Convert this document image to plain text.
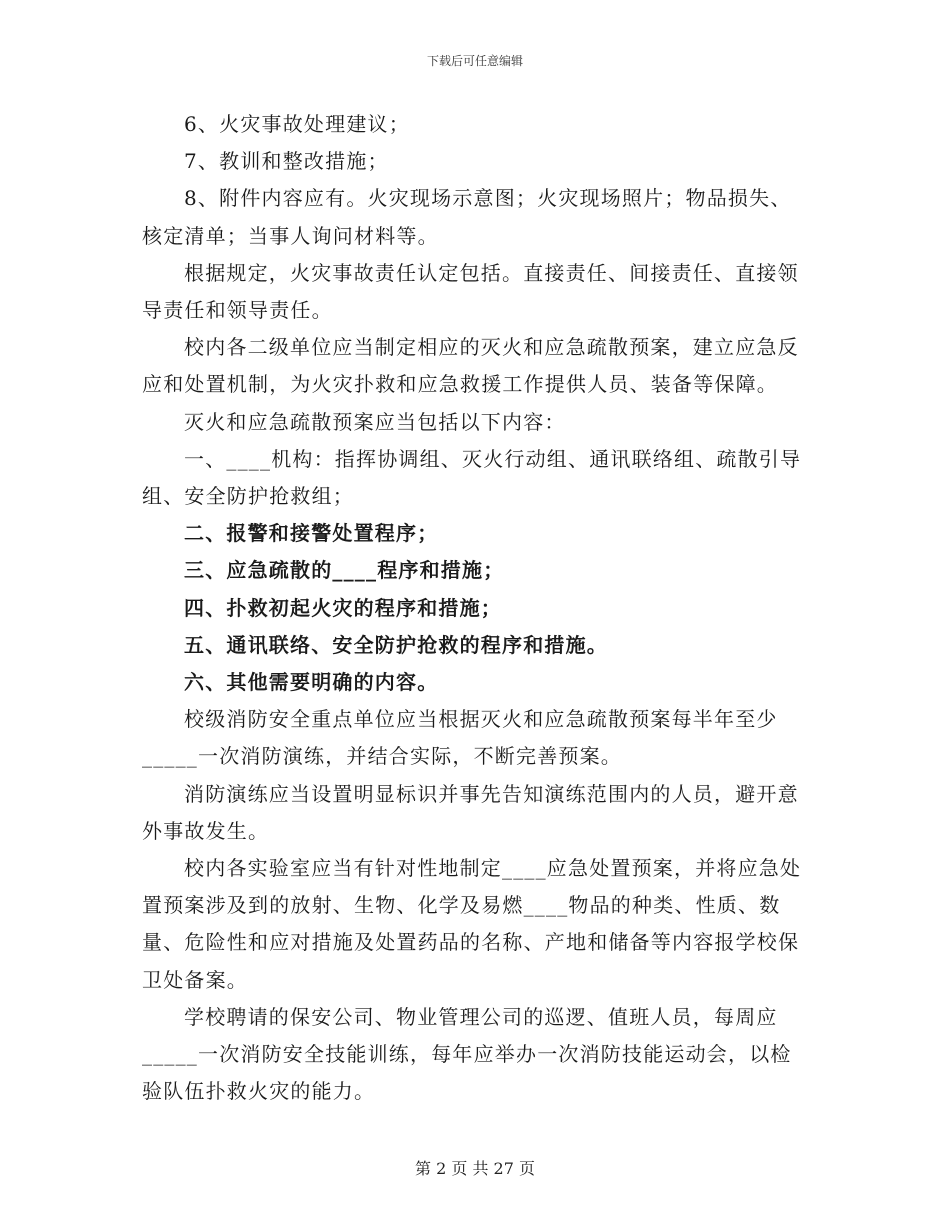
下载后可任意编辑

6、火灾事故处理建议；

7、教训和整改措施；

8、附件内容应有。火灾现场示意图；火灾现场照片；物品损失、核定清单；当事人询问材料等。

根据规定，火灾事故责任认定包括。直接责任、间接责任、直接领导责任和领导责任。

校内各二级单位应当制定相应的灭火和应急疏散预案，建立应急反应和处置机制，为火灾扑救和应急救援工作提供人员、装备等保障。

灭火和应急疏散预案应当包括以下内容：

一、____机构：指挥协调组、灭火行动组、通讯联络组、疏散引导组、安全防护抢救组；

二、报警和接警处置程序；

三、应急疏散的____程序和措施；

四、扑救初起火灾的程序和措施；

五、通讯联络、安全防护抢救的程序和措施。

六、其他需要明确的内容。

校级消防安全重点单位应当根据灭火和应急疏散预案每半年至少_____一次消防演练，并结合实际，不断完善预案。

消防演练应当设置明显标识并事先告知演练范围内的人员，避开意外事故发生。

校内各实验室应当有针对性地制定____应急处置预案，并将应急处置预案涉及到的放射、生物、化学及易燃____物品的种类、性质、数量、危险性和应对措施及处置药品的名称、产地和储备等内容报学校保卫处备案。

学校聘请的保安公司、物业管理公司的巡逻、值班人员，每周应_____一次消防安全技能训练，每年应举办一次消防技能运动会，以检验队伍扑救火灾的能力。

第 2 页 共 27 页
